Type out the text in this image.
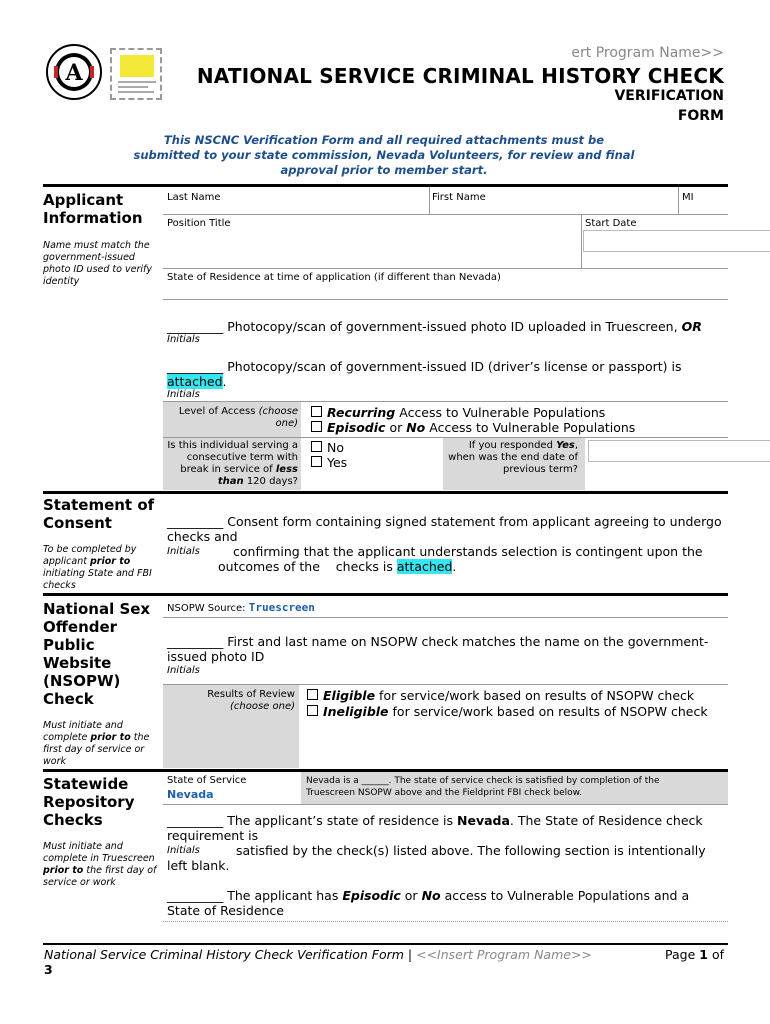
A
ert Program Name>>
NATIONAL SERVICE CRIMINAL HISTORY CHECK
VERIFICATION
FORM
This NSCNC Verification Form and all required attachments must be
submitted to your state commission, Nevada Volunteers, for review and final
approval prior to member start.
Applicant
Information
Name must match the government-issued photo ID used to verify identity
Last Name	First Name	MI
Position Title	Start Date
State of Residence at time of application (if different than Nevada)
_________ Photocopy/scan of government-issued photo ID uploaded in Truescreen, OR
Initials
_________ Photocopy/scan of government-issued ID (driver’s license or passport) is
attached.
Initials
Level of Access (choose one)
Recurring Access to Vulnerable Populations
Episodic or No Access to Vulnerable Populations
Is this individual serving a
consecutive term with
break in service of less
than 120 days?
No
Yes
If you responded Yes,
when was the end date of
previous term?
Statement of
Consent
To be completed by applicant prior to initiating State and FBI checks
_________ Consent form containing signed statement from applicant agreeing to undergo
checks and
Initials	confirming that the applicant understands selection is contingent upon the
outcomes of the checks is attached.
National Sex
Offender
Public
Website
(NSOPW)
Check
Must initiate and complete prior to the first day of service or work
NSOPW Source: Truescreen
_________ First and last name on NSOPW check matches the name on the government-
issued photo ID
Initials
Results of Review
(choose one)
Eligible for service/work based on results of NSOPW check
Ineligible for service/work based on results of NSOPW check
Statewide
Repository
Checks
Must initiate and complete in Truescreen prior to the first day of service or work
State of Service
Nevada
Nevada is a ______. The state of service check is satisfied by completion of the
Truescreen NSOPW above and the Fieldprint FBI check below.
_________ The applicant’s state of residence is Nevada. The State of Residence check
requirement is
Initials	satisfied by the check(s) listed above. The following section is intentionally
left blank.
_________ The applicant has Episodic or No access to Vulnerable Populations and a
State of Residence
National Service Criminal History Check Verification Form | <<Insert Program Name>>
3
Page 1 of
